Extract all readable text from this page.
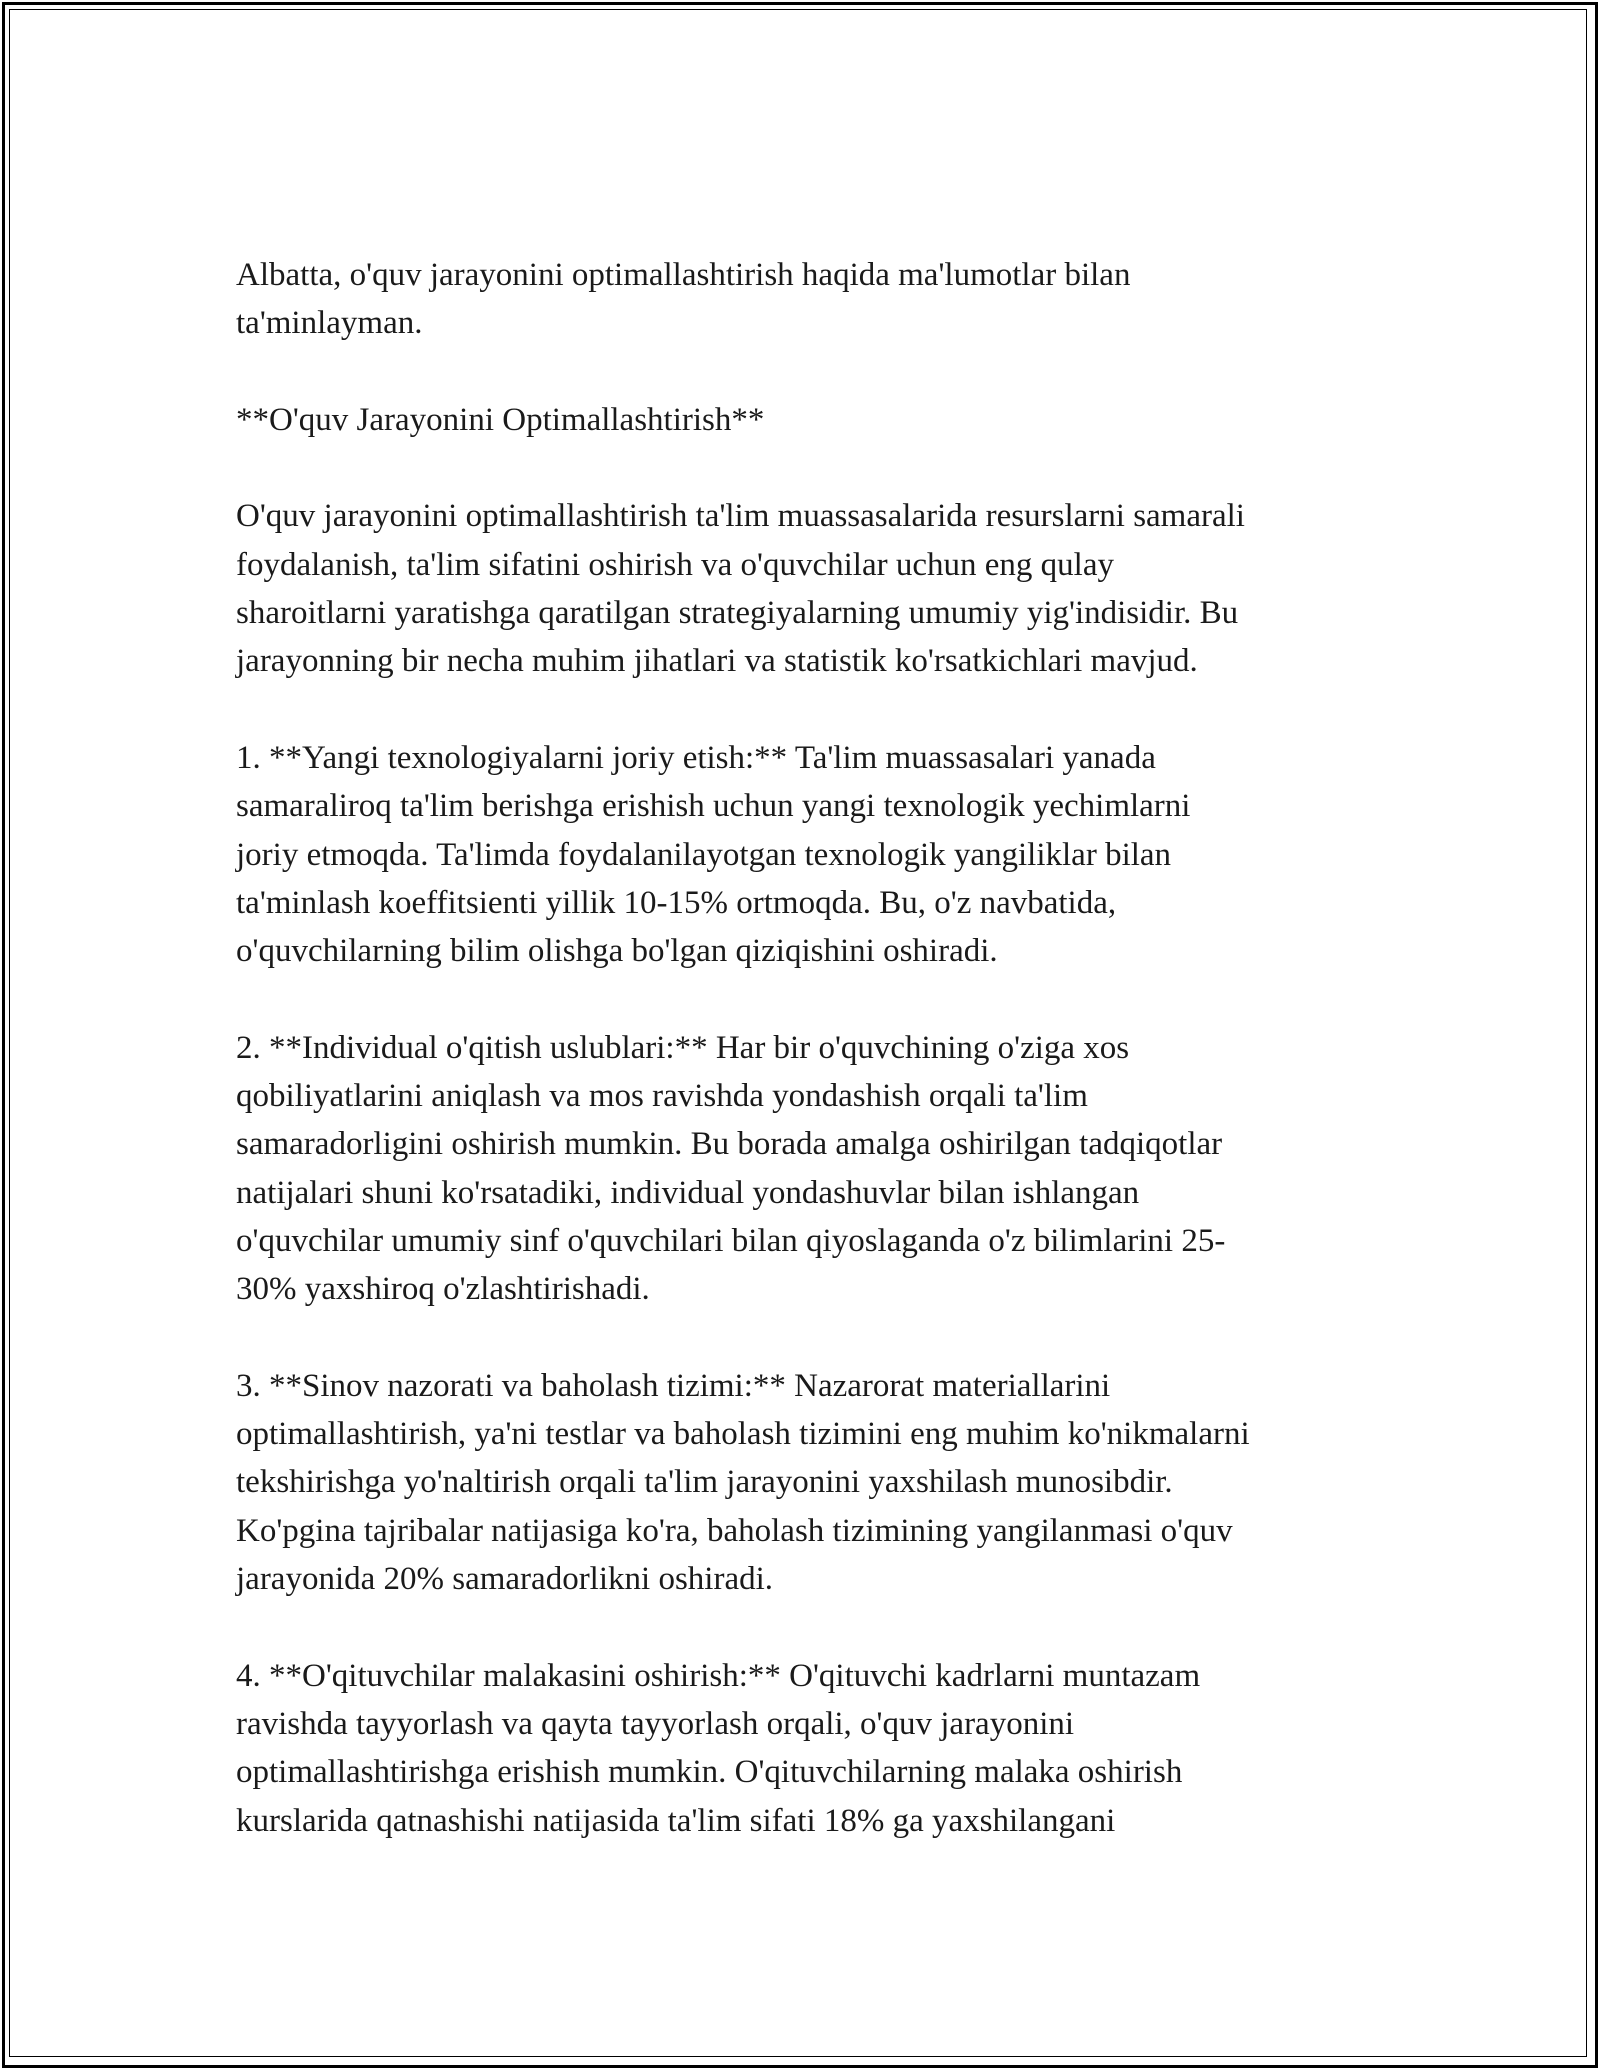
Albatta, o'quv jarayonini optimallashtirish haqida ma'lumotlar bilan
ta'minlayman.

**O'quv Jarayonini Optimallashtirish**

O'quv jarayonini optimallashtirish ta'lim muassasalarida resurslarni samarali
foydalanish, ta'lim sifatini oshirish va o'quvchilar uchun eng qulay
sharoitlarni yaratishga qaratilgan strategiyalarning umumiy yig'indisidir. Bu
jarayonning bir necha muhim jihatlari va statistik ko'rsatkichlari mavjud.

1. **Yangi texnologiyalarni joriy etish:** Ta'lim muassasalari yanada
samaraliroq ta'lim berishga erishish uchun yangi texnologik yechimlarni
joriy etmoqda. Ta'limda foydalanilayotgan texnologik yangiliklar bilan
ta'minlash koeffitsienti yillik 10-15% ortmoqda. Bu, o'z navbatida,
o'quvchilarning bilim olishga bo'lgan qiziqishini oshiradi.

2. **Individual o'qitish uslublari:** Har bir o'quvchining o'ziga xos
qobiliyatlarini aniqlash va mos ravishda yondashish orqali ta'lim
samaradorligini oshirish mumkin. Bu borada amalga oshirilgan tadqiqotlar
natijalari shuni ko'rsatadiki, individual yondashuvlar bilan ishlangan
o'quvchilar umumiy sinf o'quvchilari bilan qiyoslaganda o'z bilimlarini 25-
30% yaxshiroq o'zlashtirishadi.

3. **Sinov nazorati va baholash tizimi:** Nazarorat materiallarini
optimallashtirish, ya'ni testlar va baholash tizimini eng muhim ko'nikmalarni
tekshirishga yo'naltirish orqali ta'lim jarayonini yaxshilash munosibdir.
Ko'pgina tajribalar natijasiga ko'ra, baholash tizimining yangilanmasi o'quv
jarayonida 20% samaradorlikni oshiradi.

4. **O'qituvchilar malakasini oshirish:** O'qituvchi kadrlarni muntazam
ravishda tayyorlash va qayta tayyorlash orqali, o'quv jarayonini
optimallashtirishga erishish mumkin. O'qituvchilarning malaka oshirish
kurslarida qatnashishi natijasida ta'lim sifati 18% ga yaxshilangani
